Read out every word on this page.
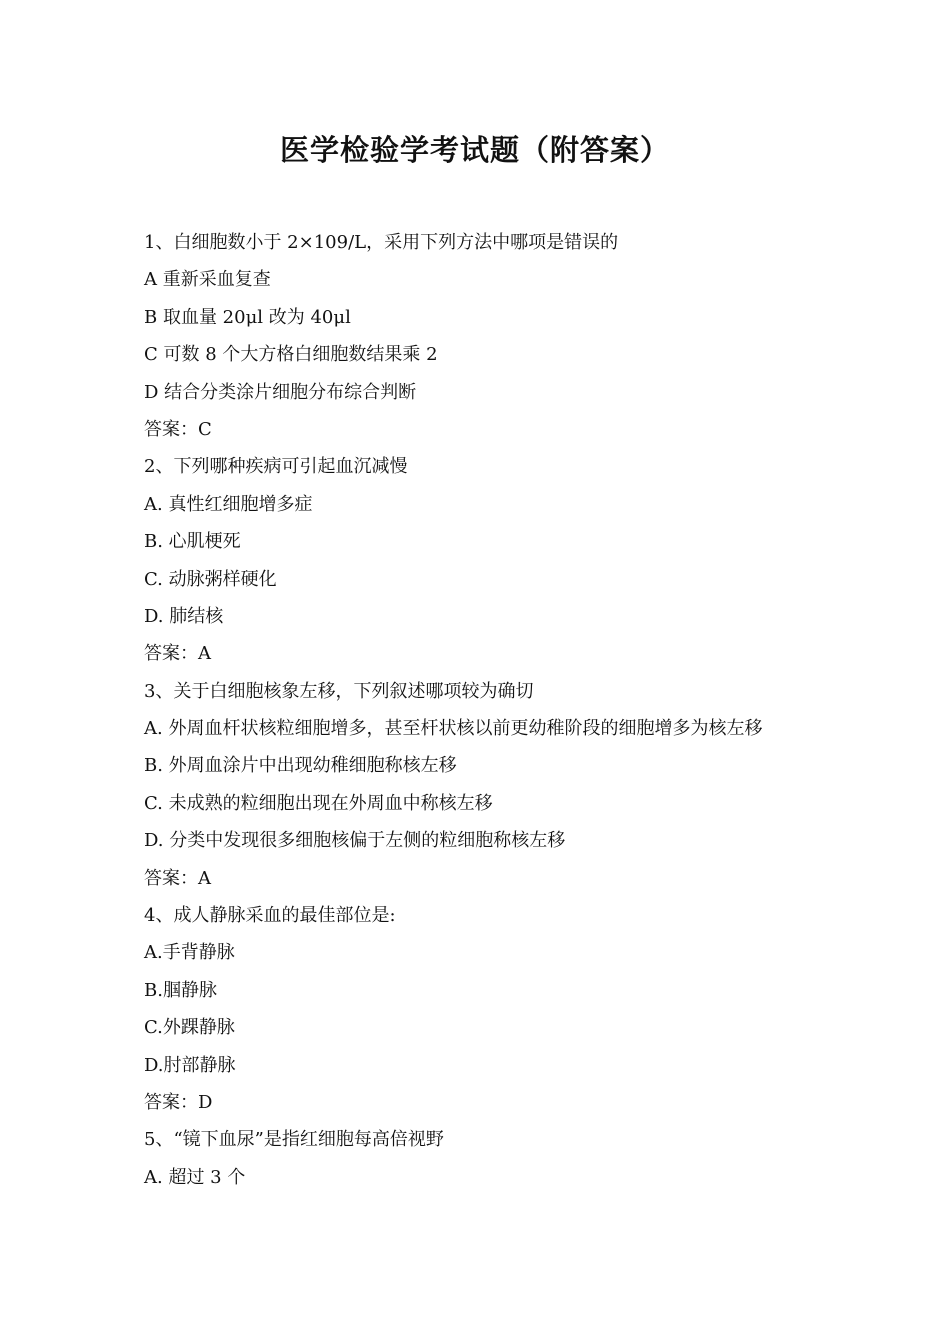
医学检验学考试题（附答案）
1、白细胞数小于 2×109/L，采用下列方法中哪项是错误的
A 重新采血复查
B 取血量 20μl 改为 40μl
C 可数 8 个大方格白细胞数结果乘 2
D 结合分类涂片细胞分布综合判断
答案：C
2、下列哪种疾病可引起血沉减慢
A. 真性红细胞增多症
B. 心肌梗死
C. 动脉粥样硬化
D. 肺结核
答案：A
3、关于白细胞核象左移，下列叙述哪项较为确切
A. 外周血杆状核粒细胞增多，甚至杆状核以前更幼稚阶段的细胞增多为核左移
B. 外周血涂片中出现幼稚细胞称核左移
C. 未成熟的粒细胞出现在外周血中称核左移
D. 分类中发现很多细胞核偏于左侧的粒细胞称核左移
答案：A
4、成人静脉采血的最佳部位是:
A.手背静脉
B.腘静脉
C.外踝静脉
D.肘部静脉
答案：D
5、“镜下血尿”是指红细胞每高倍视野
A. 超过 3 个
